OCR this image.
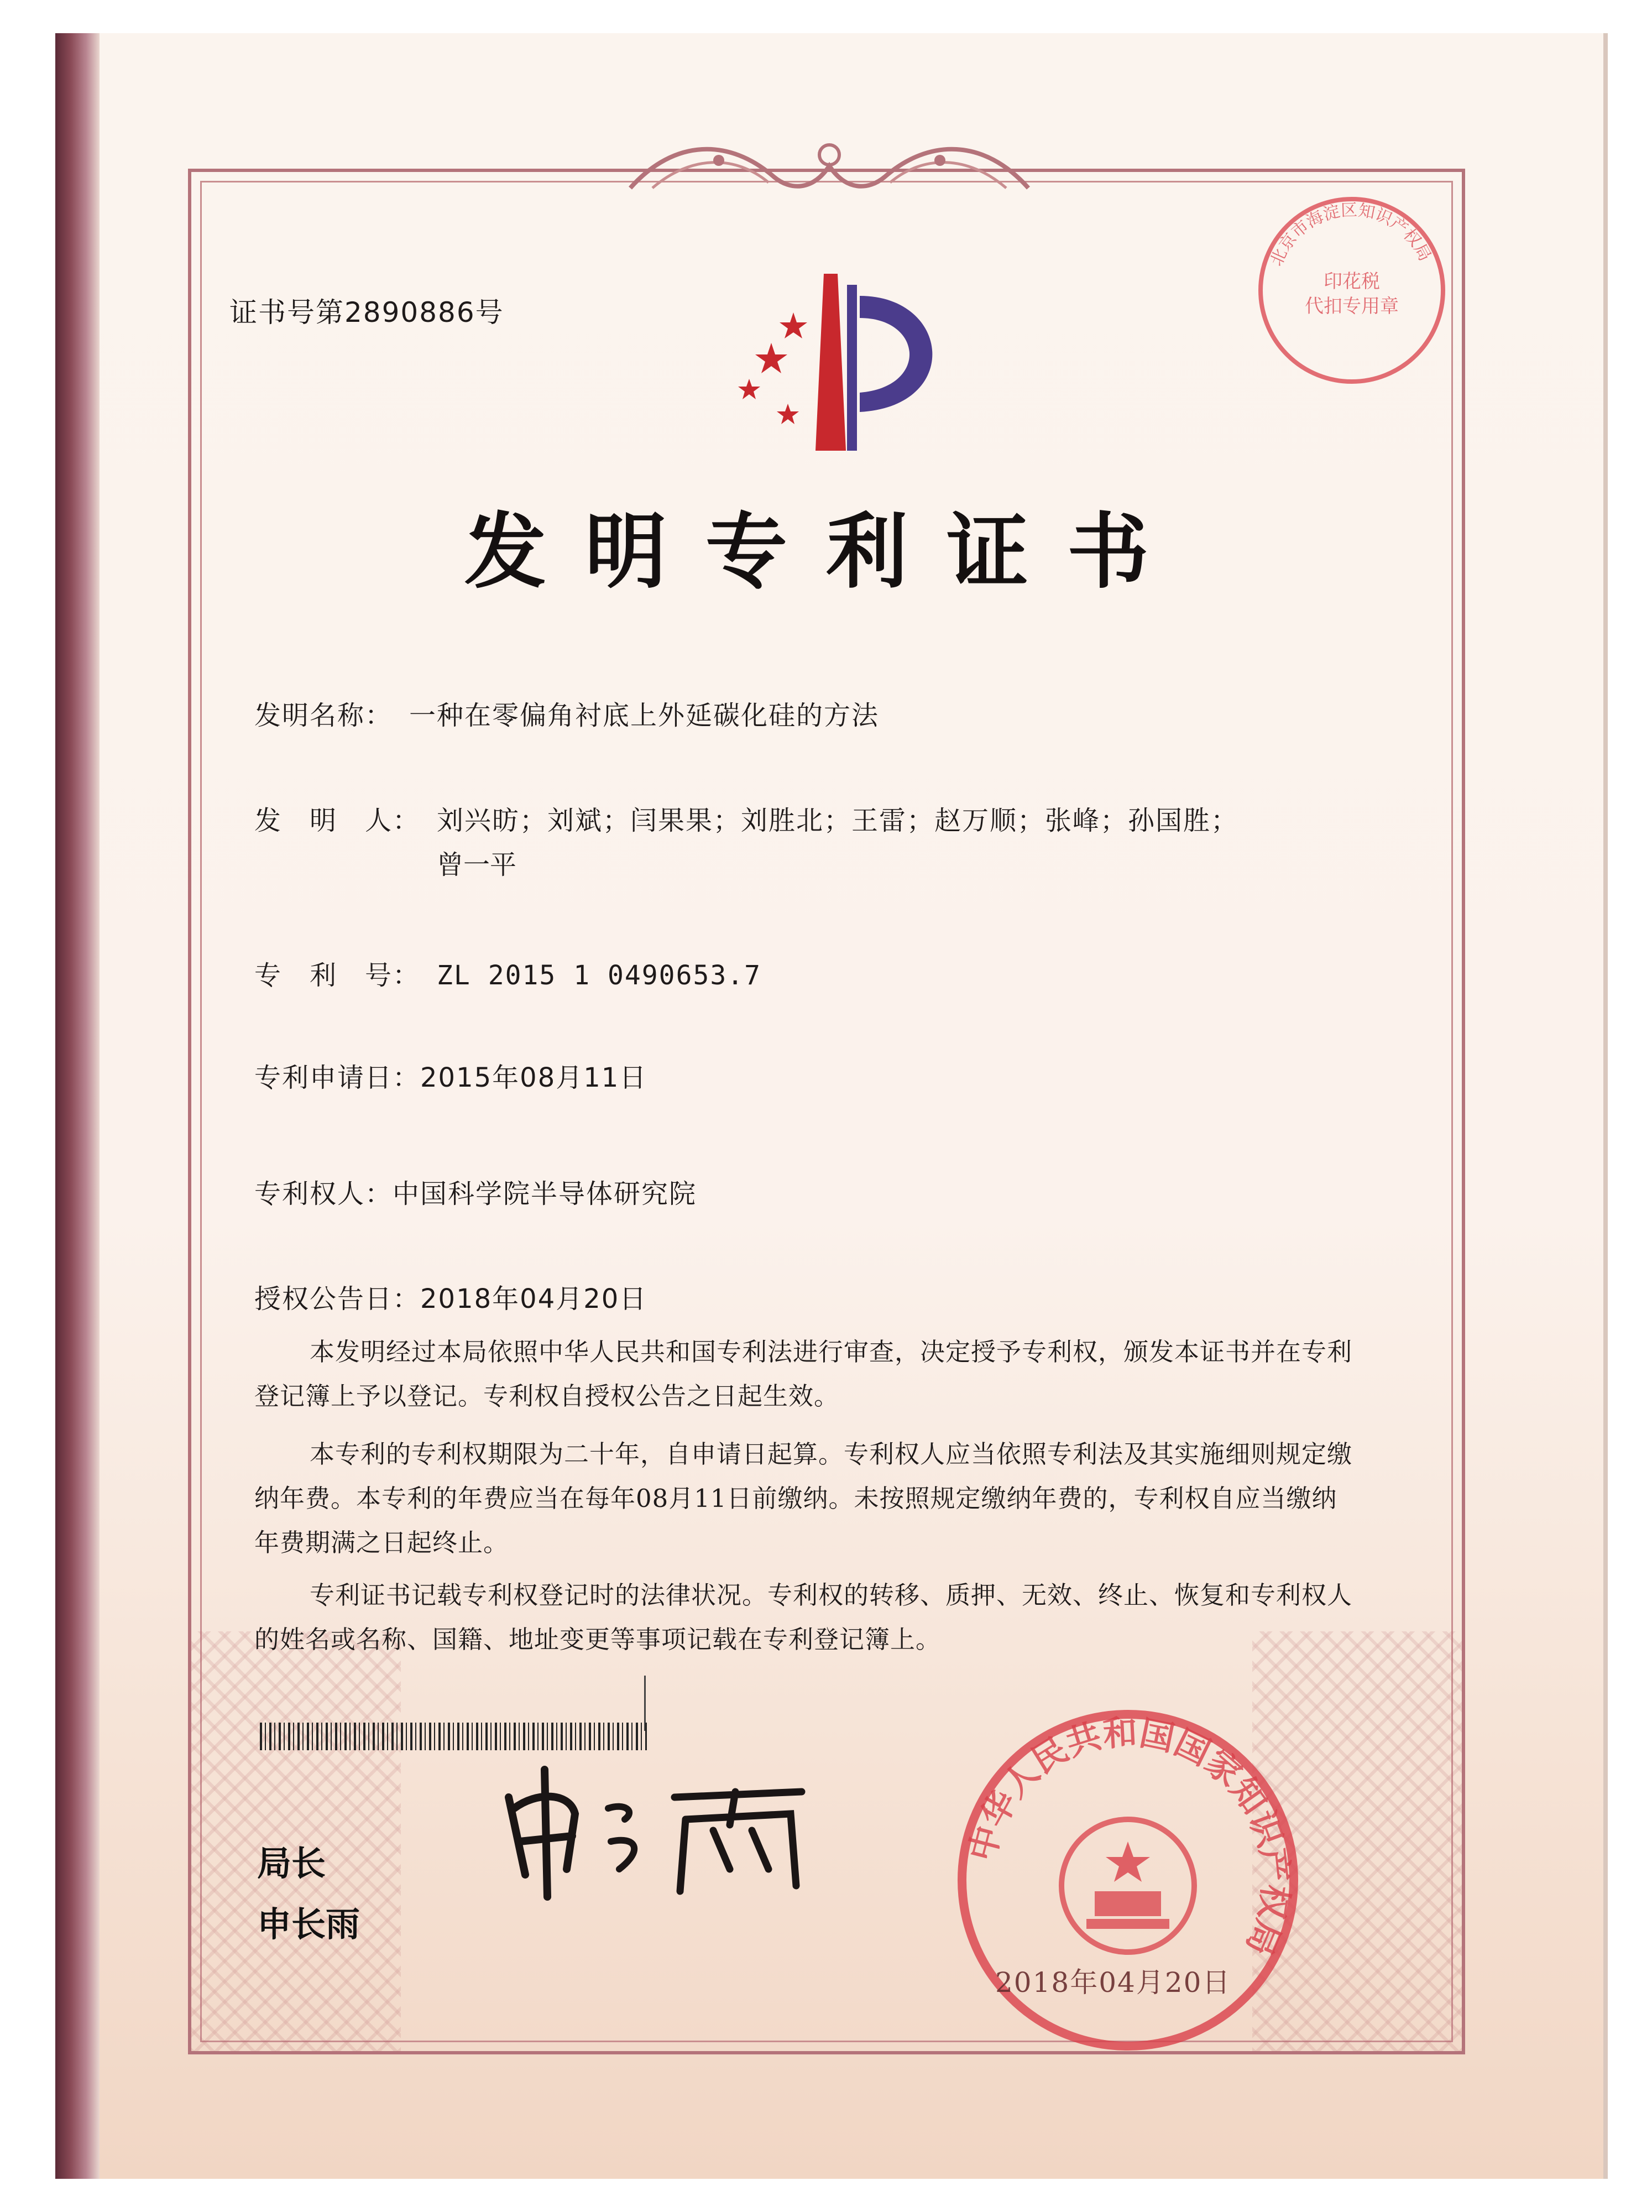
证书号第2890886号
北京市海淀区知识产权局
印花税
代扣专用章
发明专利证书
发明名称： 一种在零偏角衬底上外延碳化硅的方法
发　明　人： 刘兴昉；刘斌；闫果果；刘胜北；王雷；赵万顺；张峰；孙国胜；
曾一平
专　利　号： ZL 2015 1 0490653.7
专利申请日：2015年08月11日
专利权人：中国科学院半导体研究院
授权公告日：2018年04月20日
本发明经过本局依照中华人民共和国专利法进行审查，决定授予专利权，颁发本证书并在专利登记簿上予以登记。专利权自授权公告之日起生效。
本专利的专利权期限为二十年，自申请日起算。专利权人应当依照专利法及其实施细则规定缴纳年费。本专利的年费应当在每年08月11日前缴纳。未按照规定缴纳年费的，专利权自应当缴纳年费期满之日起终止。
专利证书记载专利权登记时的法律状况。专利权的转移、质押、无效、终止、恢复和专利权人的姓名或名称、国籍、地址变更等事项记载在专利登记簿上。
局长
申长雨
中华人民共和国国家知识产权局
2018年04月20日
